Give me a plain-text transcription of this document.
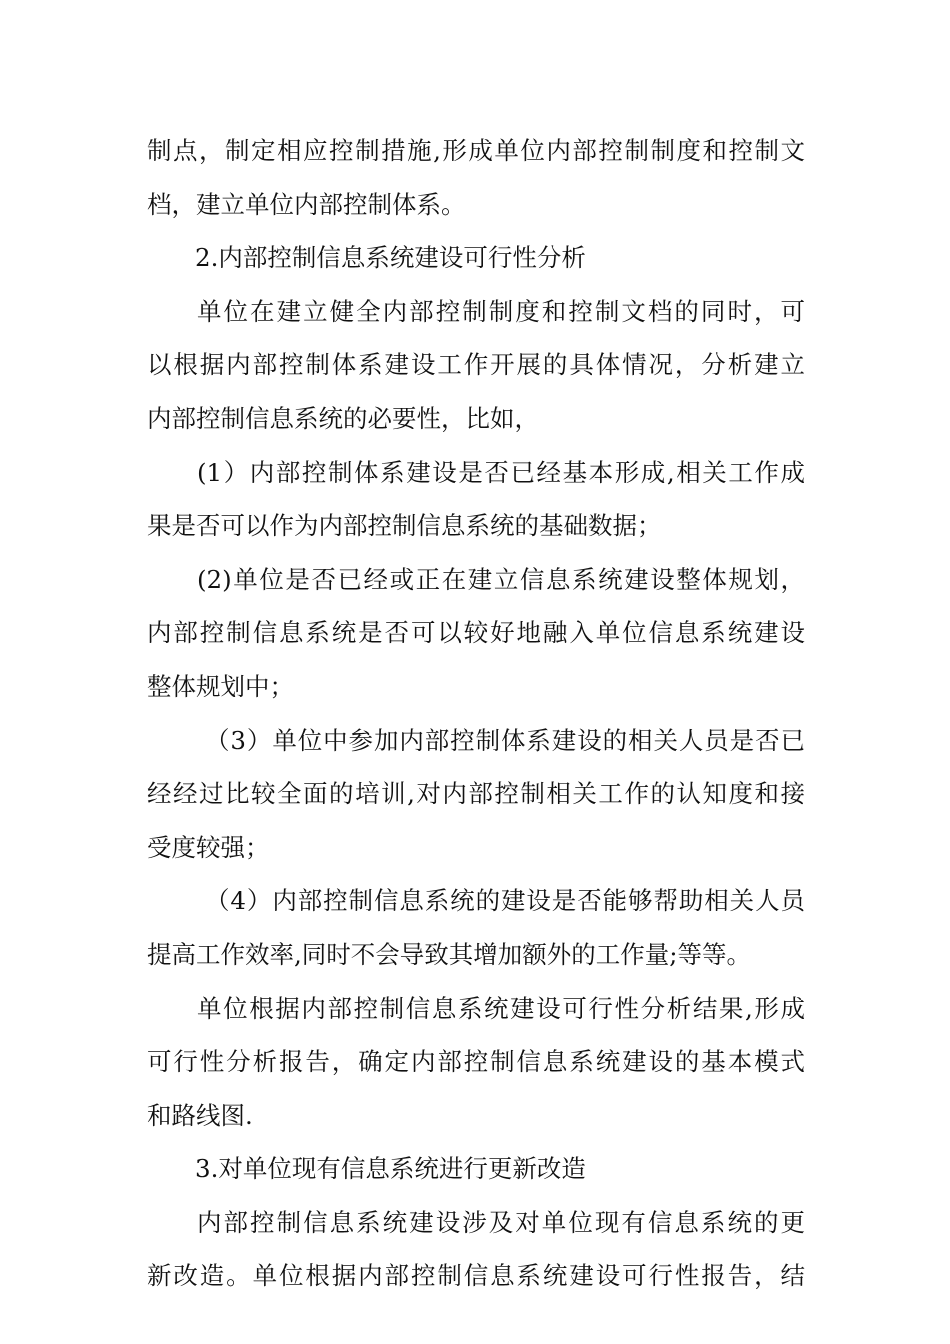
制点，制定相应控制措施,形成单位内部控制制度和控制文
档，建立单位内部控制体系。
2.内部控制信息系统建设可行性分析
单位在建立健全内部控制制度和控制文档的同时，可
以根据内部控制体系建设工作开展的具体情况，分析建立
内部控制信息系统的必要性，比如，
(1）内部控制体系建设是否已经基本形成,相关工作成
果是否可以作为内部控制信息系统的基础数据；
(2)单位是否已经或正在建立信息系统建设整体规划，
内部控制信息系统是否可以较好地融入单位信息系统建设
整体规划中；
（3）单位中参加内部控制体系建设的相关人员是否已
经经过比较全面的培训,对内部控制相关工作的认知度和接
受度较强；
（4）内部控制信息系统的建设是否能够帮助相关人员
提高工作效率,同时不会导致其增加额外的工作量;等等。
单位根据内部控制信息系统建设可行性分析结果,形成
可行性分析报告，确定内部控制信息系统建设的基本模式
和路线图.
3.对单位现有信息系统进行更新改造
内部控制信息系统建设涉及对单位现有信息系统的更
新改造。单位根据内部控制信息系统建设可行性报告，结
